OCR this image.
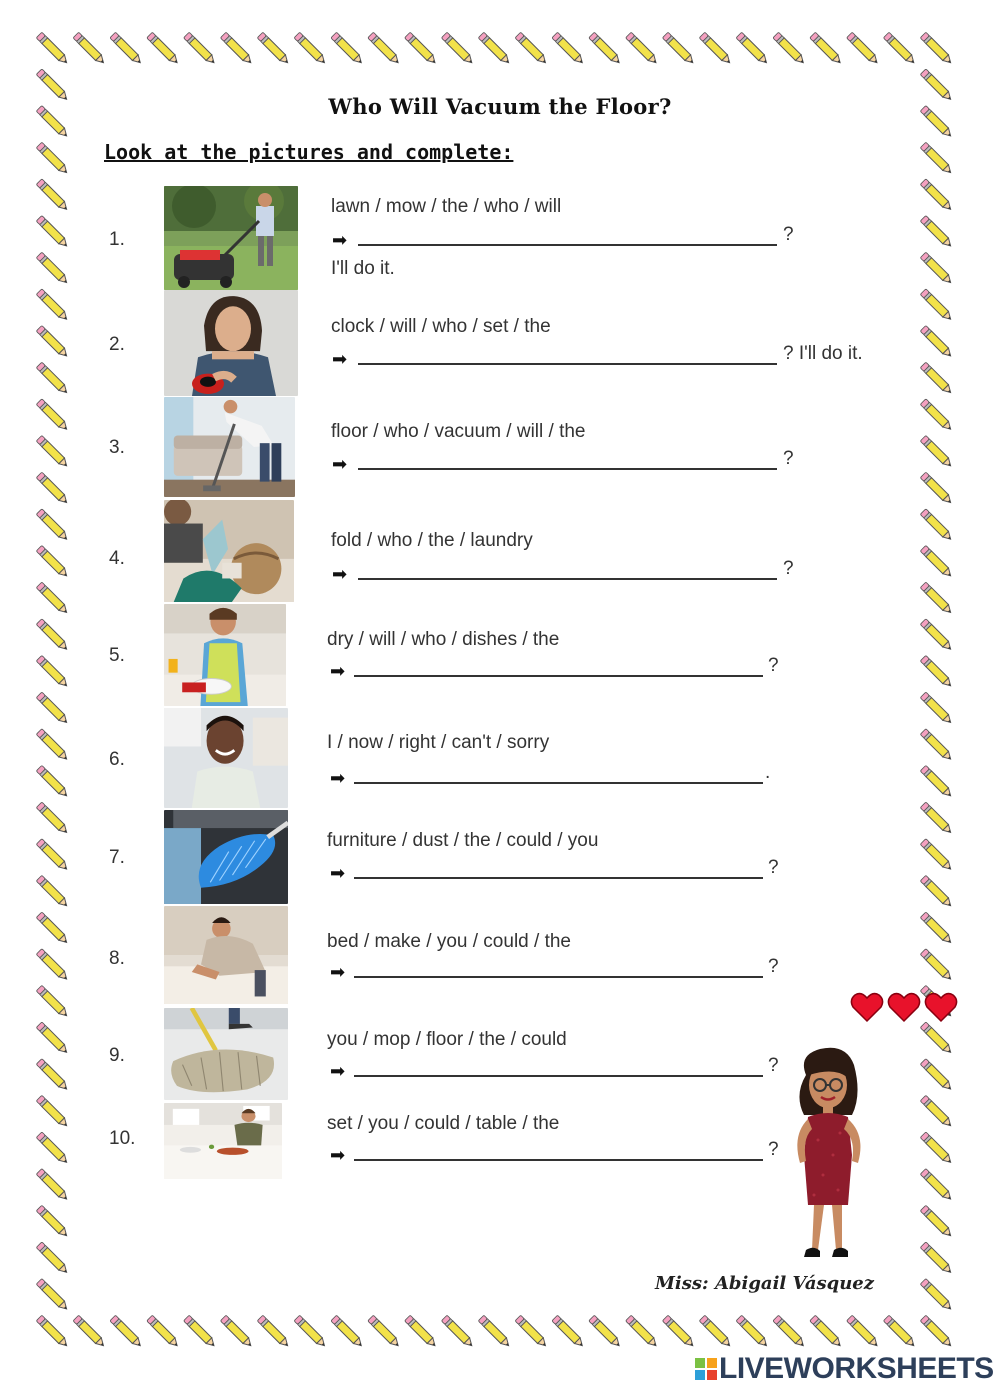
Who Will Vacuum the Floor?
Look at the pictures and complete:
1.
lawn / mow / the / who / will
➡	?
I'll do it.
2.
clock / will / who / set / the
➡	? I'll do it.
3.
floor / who / vacuum / will / the
➡	?
4.
fold / who / the / laundry
➡	?
5.
dry / will / who / dishes / the
➡	?
6.
I / now / right / can't / sorry
➡	.
7.
furniture / dust / the / could / you
➡	?
8.
bed / make / you / could / the
➡	?
9.
you / mop / floor / the / could
➡	?
10.
set / you / could / table / the
➡	?
Miss: Abigail Vásquez
LIVEWORKSHEETS
